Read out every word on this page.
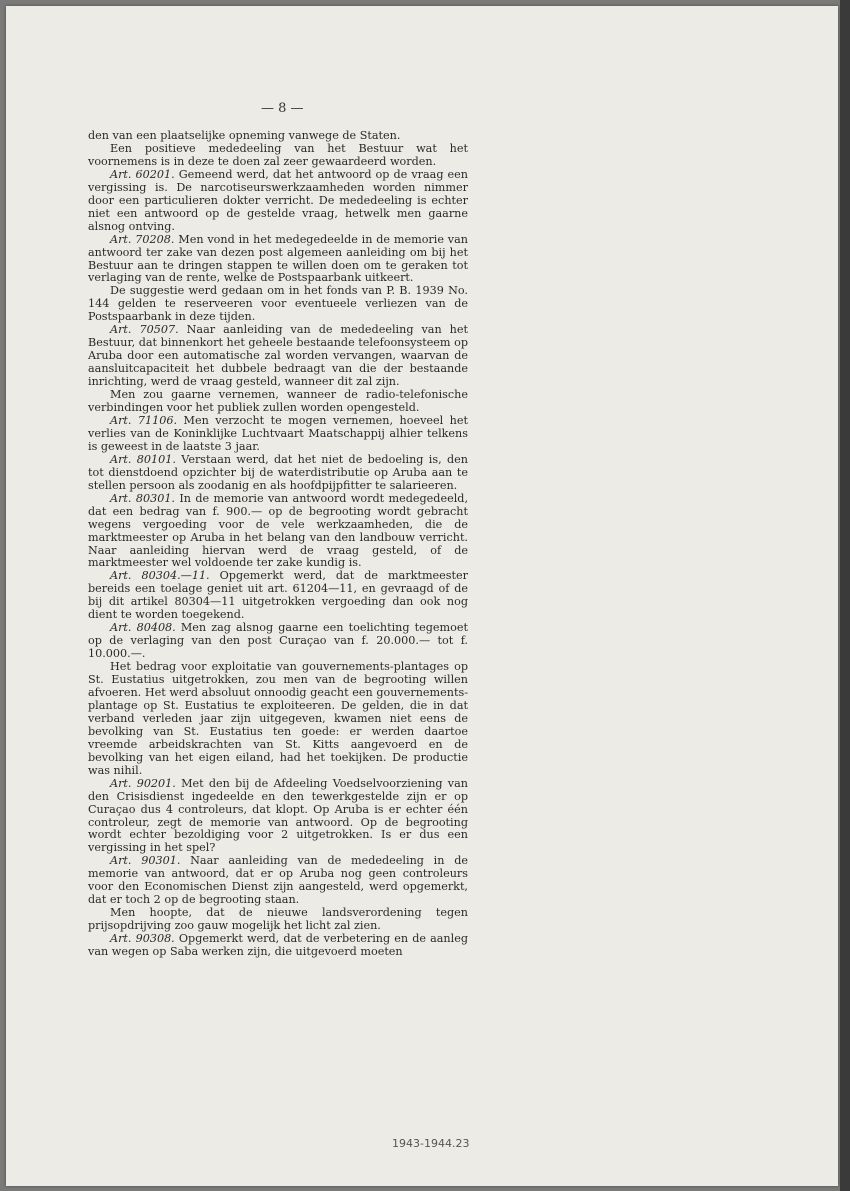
— 8 —

den van een plaatselijke opneming vanwege de Staten.

Een positieve mededeeling van het Bestuur wat het voornemens is in deze te doen zal zeer gewaardeerd worden.

Art. 60201. Gemeend werd, dat het antwoord op de vraag een vergissing is. De narcotiseurswerkzaamheden worden nimmer door een particulieren dokter verricht. De mededeeling is echter niet een antwoord op de gestelde vraag, hetwelk men gaarne alsnog ontving.

Art. 70208. Men vond in het medegedeelde in de memorie van antwoord ter zake van dezen post algemeen aanleiding om bij het Bestuur aan te dringen stappen te willen doen om te geraken tot verlaging van de rente, welke de Postspaarbank uitkeert.

De suggestie werd gedaan om in het fonds van P. B. 1939 No. 144 gelden te reserveeren voor eventueele verliezen van de Postspaarbank in deze tijden.

Art. 70507. Naar aanleiding van de mededeeling van het Bestuur, dat binnenkort het geheele bestaande telefoonsysteem op Aruba door een automatische zal worden vervangen, waarvan de aansluitcapaciteit het dubbele bedraagt van die der bestaande inrichting, werd de vraag gesteld, wanneer dit zal zijn.

Men zou gaarne vernemen, wanneer de radio-telefonische verbindingen voor het publiek zullen worden opengesteld.

Art. 71106. Men verzocht te mogen vernemen, hoeveel het verlies van de Koninklijke Luchtvaart Maatschappij alhier telkens is geweest in de laatste 3 jaar.

Art. 80101. Verstaan werd, dat het niet de bedoeling is, den tot dienstdoend opzichter bij de waterdistributie op Aruba aan te stellen persoon als zoodanig en als hoofdpijpfitter te salarieeren.

Art. 80301. In de memorie van antwoord wordt medegedeeld, dat een bedrag van f. 900.— op de begrooting wordt gebracht wegens vergoeding voor de vele werkzaamheden, die de marktmeester op Aruba in het belang van den landbouw verricht. Naar aanleiding hiervan werd de vraag gesteld, of de marktmeester wel voldoende ter zake kundig is.

Art. 80304.—11. Opgemerkt werd, dat de marktmeester bereids een toelage geniet uit art. 61204—11, en gevraagd of de bij dit artikel 80304—11 uitgetrokken vergoeding dan ook nog dient te worden toegekend.

Art. 80408. Men zag alsnog gaarne een toelichting tegemoet op de verlaging van den post Curaçao van f. 20.000.— tot f. 10.000.—.

Het bedrag voor exploitatie van gouvernements-plantages op St. Eustatius uitgetrokken, zou men van de begrooting willen afvoeren. Het werd absoluut onnoodig geacht een gouvernements-plantage op St. Eustatius te exploiteeren. De gelden, die in dat verband verleden jaar zijn uitgegeven, kwamen niet eens de bevolking van St. Eustatius ten goede: er werden daartoe vreemde arbeidskrachten van St. Kitts aangevoerd en de bevolking van het eigen eiland, had het toekijken. De productie was nihil.

Art. 90201. Met den bij de Afdeeling Voedselvoorziening van den Crisisdienst ingedeelde en den tewerkgestelde zijn er op Curaçao dus 4 controleurs, dat klopt. Op Aruba is er echter één controleur, zegt de memorie van antwoord. Op de begrooting wordt echter bezoldiging voor 2 uitgetrokken. Is er dus een vergissing in het spel?

Art. 90301. Naar aanleiding van de mededeeling in de memorie van antwoord, dat er op Aruba nog geen controleurs voor den Economischen Dienst zijn aangesteld, werd opgemerkt, dat er toch 2 op de begrooting staan.

Men hoopte, dat de nieuwe landsverordening tegen prijsopdrijving zoo gauw mogelijk het licht zal zien.

Art. 90308. Opgemerkt werd, dat de verbetering en de aanleg van wegen op Saba werken zijn, die uitgevoerd moeten

1943-1944.23
